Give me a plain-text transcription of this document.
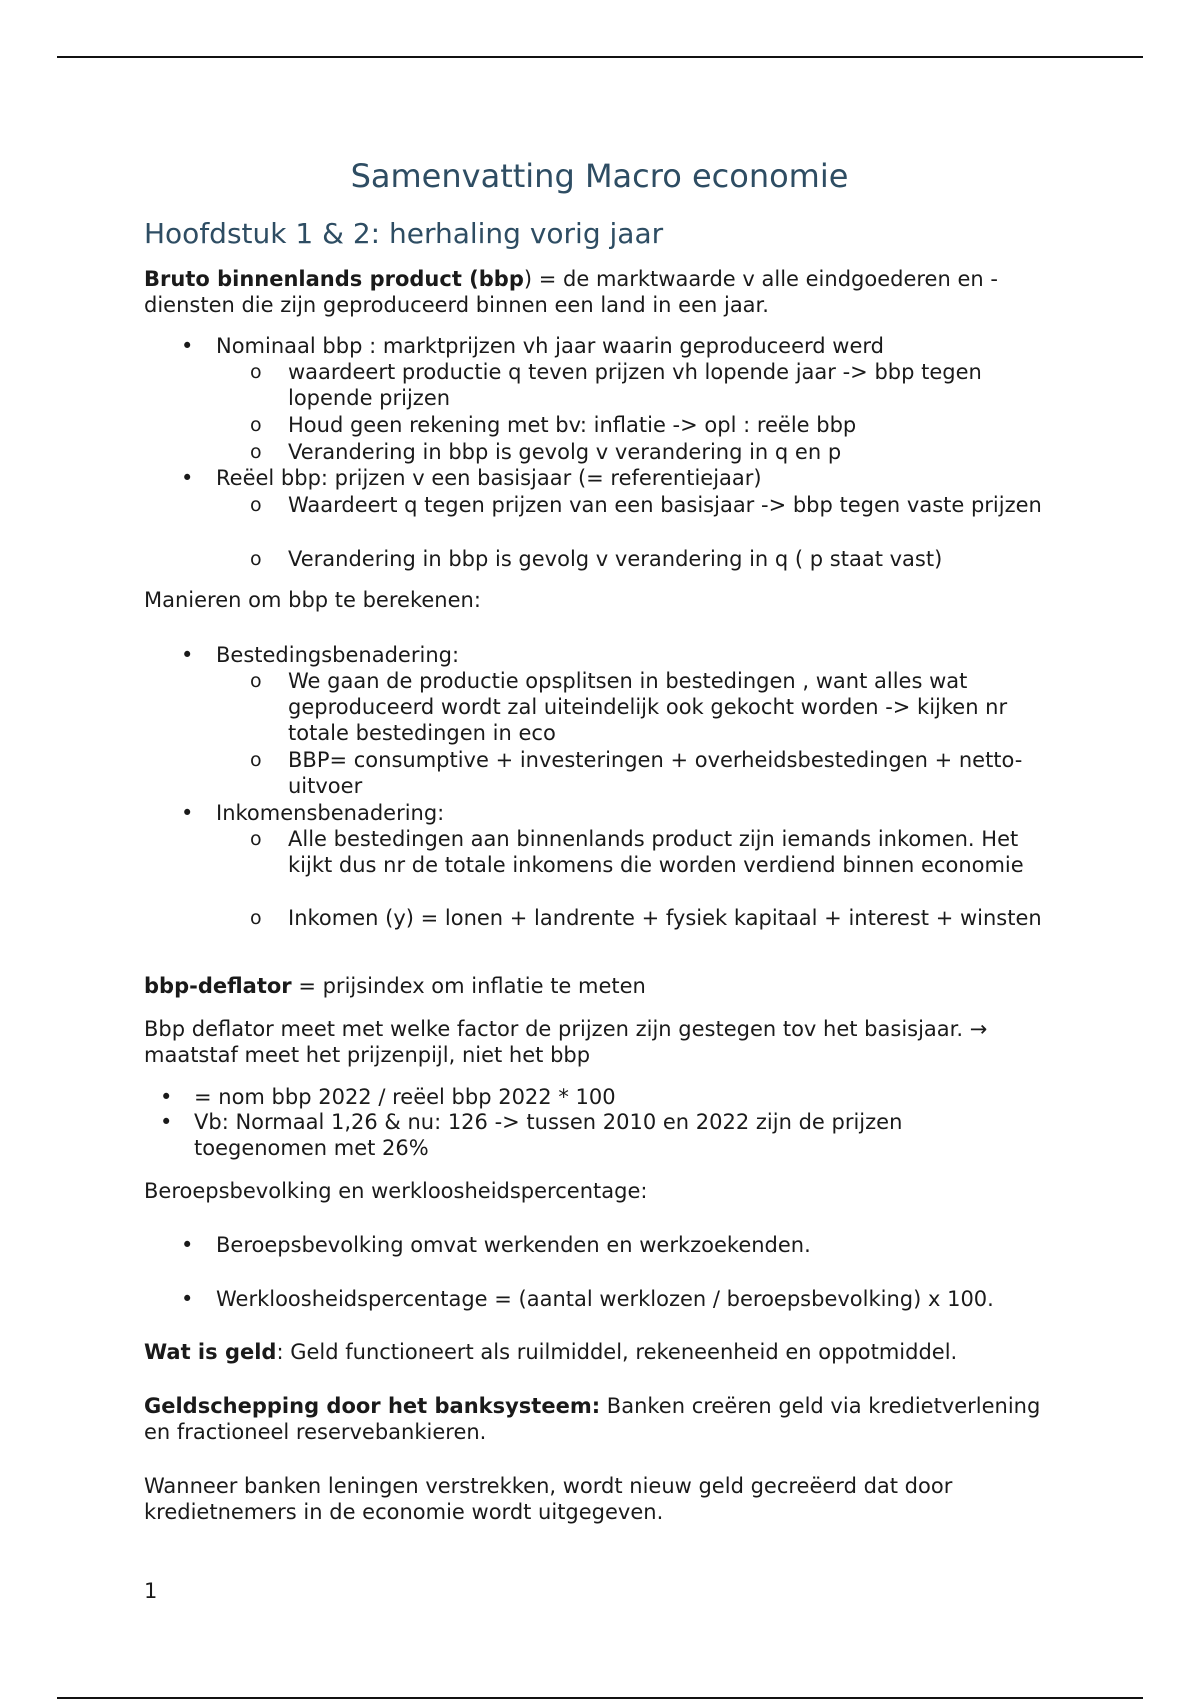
Samenvatting Macro economie
Hoofdstuk 1 & 2: herhaling vorig jaar

Bruto binnenlands product (bbp) = de marktwaarde v alle eindgoederen en -diensten die zijn geproduceerd binnen een land in een jaar.

• Nominaal bbp : marktprijzen vh jaar waarin geproduceerd werd
o waardeert productie q teven prijzen vh lopende jaar -> bbp tegen lopende prijzen
o Houd geen rekening met bv: inflatie -> opl : reële bbp
o Verandering in bbp is gevolg v verandering in q en p
• Reëel bbp: prijzen v een basisjaar (= referentiejaar)
o Waardeert q tegen prijzen van een basisjaar -> bbp tegen vaste prijzen
o Verandering in bbp is gevolg v verandering in q ( p staat vast)

Manieren om bbp te berekenen:

• Bestedingsbenadering:
o We gaan de productie opsplitsen in bestedingen , want alles wat geproduceerd wordt zal uiteindelijk ook gekocht worden -> kijken nr totale bestedingen in eco
o BBP= consumptive + investeringen + overheidsbestedingen + netto-uitvoer
• Inkomensbenadering:
o Alle bestedingen aan binnenlands product zijn iemands inkomen. Het kijkt dus nr de totale inkomens die worden verdiend binnen economie
o Inkomen (y) = lonen + landrente + fysiek kapitaal + interest + winsten

bbp-deflator = prijsindex om inflatie te meten

Bbp deflator meet met welke factor de prijzen zijn gestegen tov het basisjaar. → maatstaf meet het prijzenpijl, niet het bbp

• = nom bbp 2022 / reëel bbp 2022 * 100
• Vb: Normaal 1,26 & nu: 126 -> tussen 2010 en 2022 zijn de prijzen toegenomen met 26%

Beroepsbevolking en werkloosheidspercentage:

• Beroepsbevolking omvat werkenden en werkzoekenden.
• Werkloosheidspercentage = (aantal werklozen / beroepsbevolking) x 100.

Wat is geld: Geld functioneert als ruilmiddel, rekeneenheid en oppotmiddel.

Geldschepping door het banksysteem: Banken creëren geld via kredietverlening en fractioneel reservebankieren.

Wanneer banken leningen verstrekken, wordt nieuw geld gecreëerd dat door kredietnemers in de economie wordt uitgegeven.

1
